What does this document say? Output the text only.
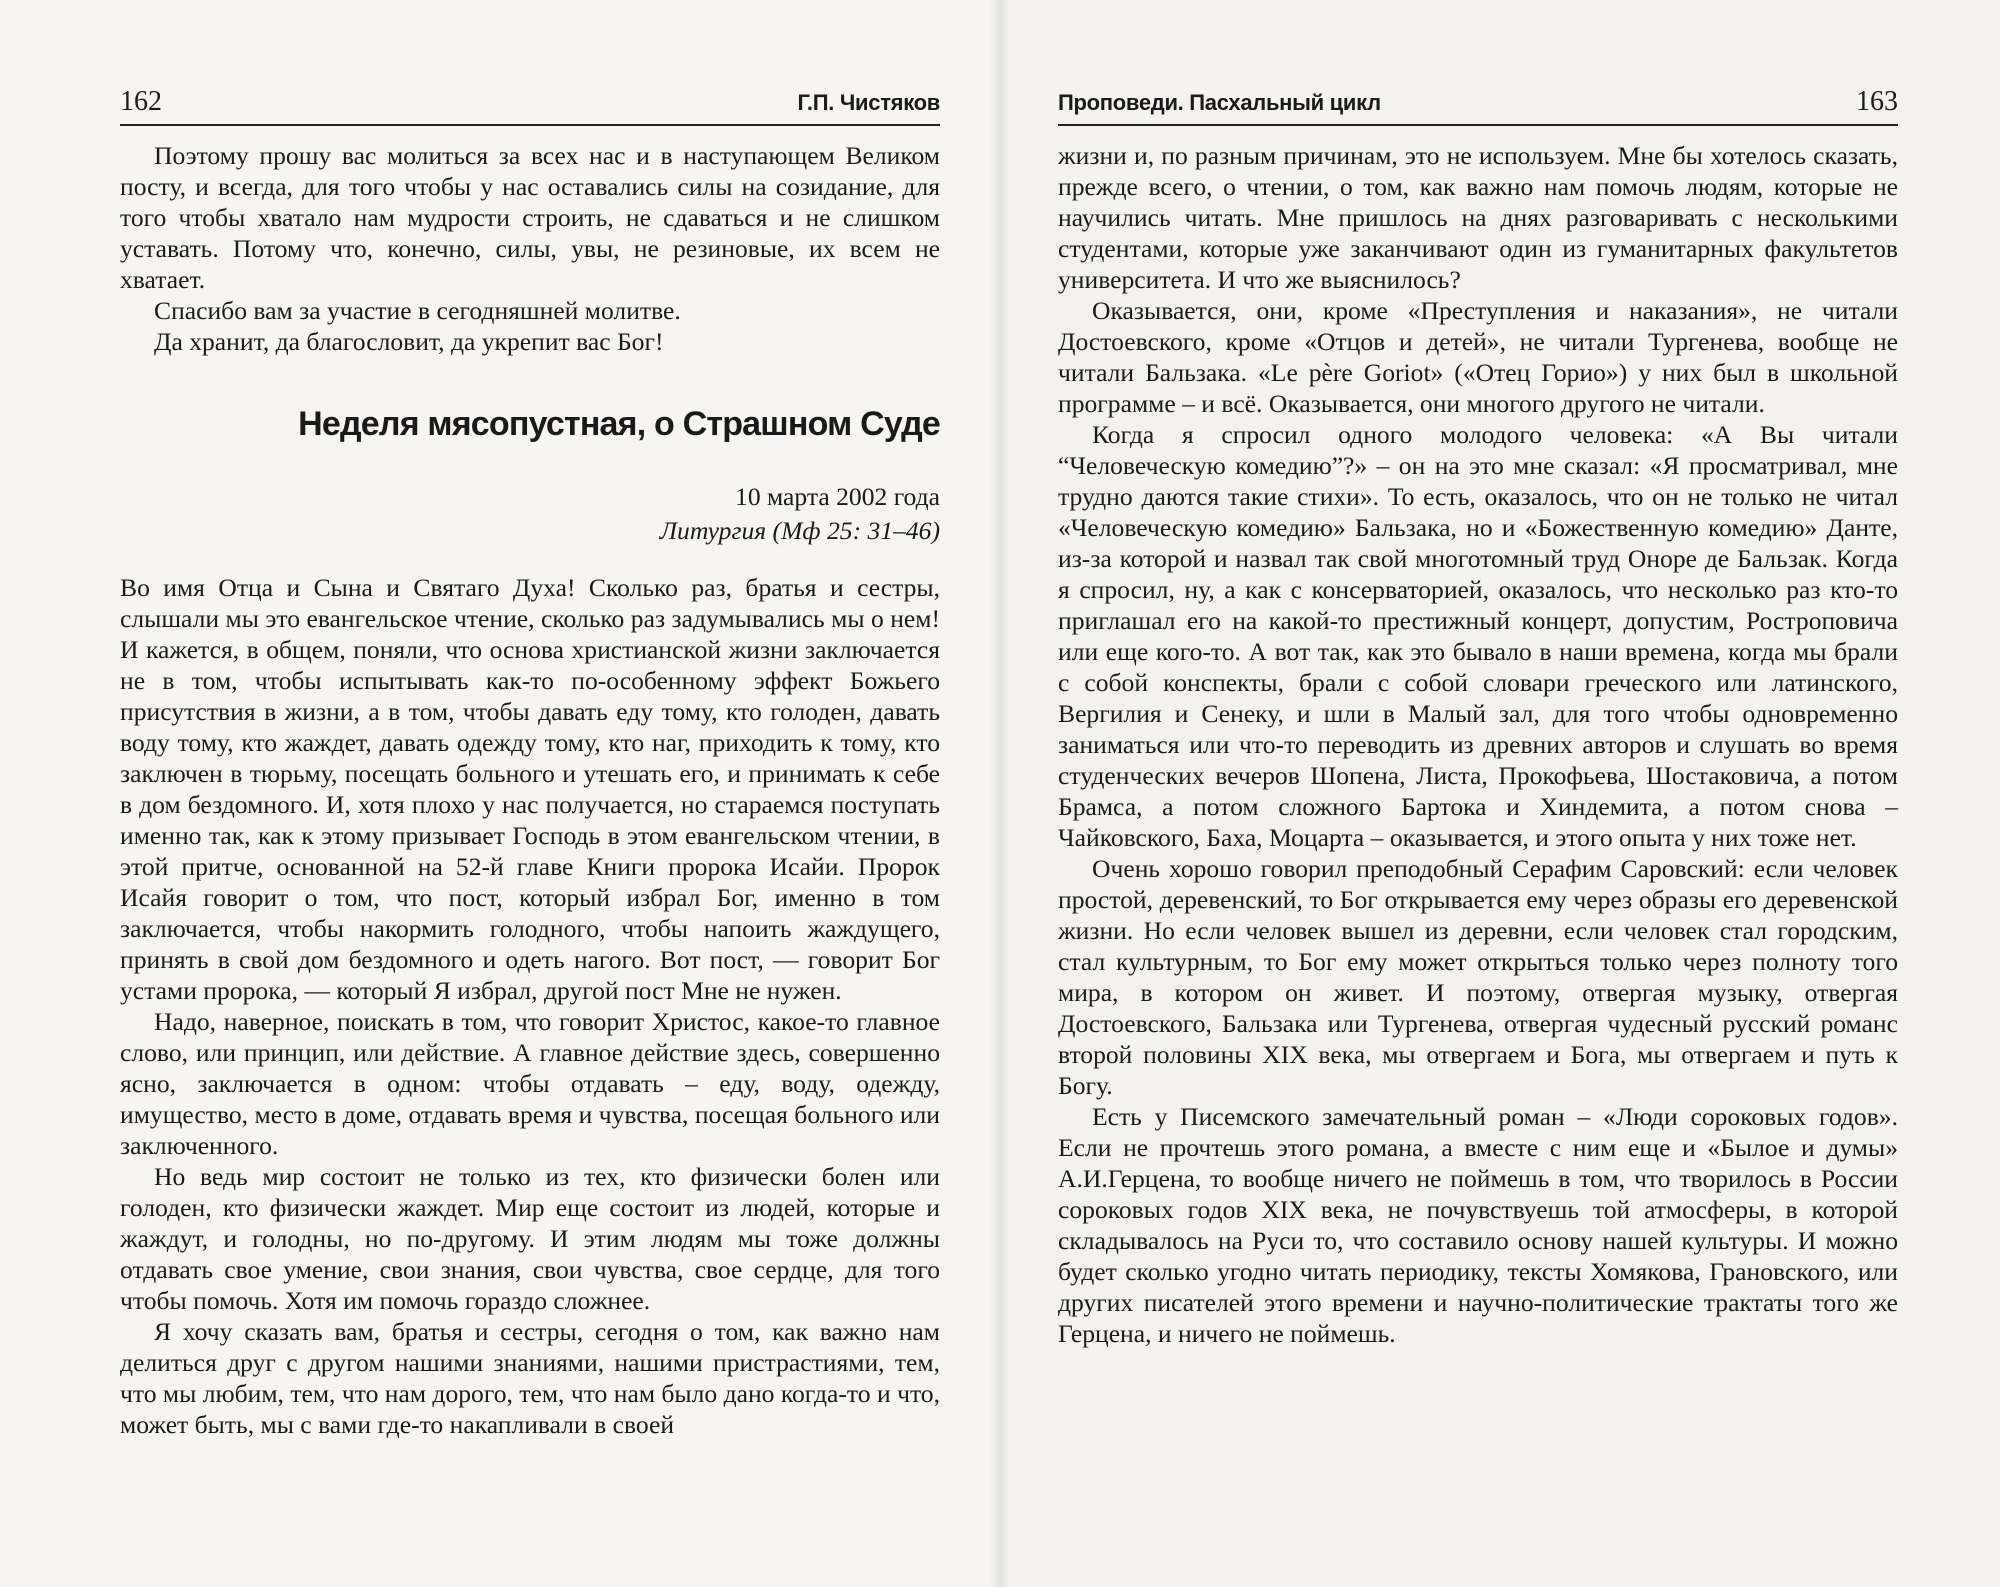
162	Г.П. Чистяков

Поэтому прошу вас молиться за всех нас и в наступающем Великом посту, и всегда, для того чтобы у нас оставались силы на созидание, для того чтобы хватало нам мудрости строить, не сдаваться и не слишком уставать. Потому что, конечно, силы, увы, не резиновые, их всем не хватает.

Спасибо вам за участие в сегодняшней молитве.

Да хранит, да благословит, да укрепит вас Бог!

Неделя мясопустная, о Страшном Суде
10 марта 2002 года
Литургия (Мф 25: 31–46)

Во имя Отца и Сына и Святаго Духа! Сколько раз, братья и сестры, слышали мы это евангельское чтение, сколько раз задумывались мы о нем! И кажется, в общем, поняли, что основа христианской жизни заключается не в том, чтобы испытывать как-то по-особенному эффект Божьего присутствия в жизни, а в том, чтобы давать еду тому, кто голоден, давать воду тому, кто жаждет, давать одежду тому, кто наг, приходить к тому, кто заключен в тюрьму, посещать больного и утешать его, и принимать к себе в дом бездомного. И, хотя плохо у нас получается, но стараемся поступать именно так, как к этому призывает Господь в этом евангельском чтении, в этой притче, основанной на 52-й главе Книги пророка Исайи. Пророк Исайя говорит о том, что пост, который избрал Бог, именно в том заключается, чтобы накормить голодного, чтобы напоить жаждущего, принять в свой дом бездомного и одеть нагого. Вот пост, — говорит Бог устами пророка, — который Я избрал, другой пост Мне не нужен.

Надо, наверное, поискать в том, что говорит Христос, какое-то главное слово, или принцип, или действие. А главное действие здесь, совершенно ясно, заключается в одном: чтобы отдавать – еду, воду, одежду, имущество, место в доме, отдавать время и чувства, посещая больного или заключенного.

Но ведь мир состоит не только из тех, кто физически болен или голоден, кто физически жаждет. Мир еще состоит из людей, которые и жаждут, и голодны, но по-другому. И этим людям мы тоже должны отдавать свое умение, свои знания, свои чувства, свое сердце, для того чтобы помочь. Хотя им помочь гораздо сложнее.

Я хочу сказать вам, братья и сестры, сегодня о том, как важно нам делиться друг с другом нашими знаниями, нашими пристрастиями, тем, что мы любим, тем, что нам дорого, тем, что нам было дано когда-то и что, может быть, мы с вами где-то накапливали в своей

Проповеди. Пасхальный цикл	163

жизни и, по разным причинам, это не используем. Мне бы хотелось сказать, прежде всего, о чтении, о том, как важно нам помочь людям, которые не научились читать. Мне пришлось на днях разговаривать с несколькими студентами, которые уже заканчивают один из гуманитарных факультетов университета. И что же выяснилось?

Оказывается, они, кроме «Преступления и наказания», не читали Достоевского, кроме «Отцов и детей», не читали Тургенева, вообще не читали Бальзака. «Le père Goriot» («Отец Горио») у них был в школьной программе – и всё. Оказывается, они многого другого не читали.

Когда я спросил одного молодого человека: «А Вы читали “Человеческую комедию”?» – он на это мне сказал: «Я просматривал, мне трудно даются такие стихи». То есть, оказалось, что он не только не читал «Человеческую комедию» Бальзака, но и «Божественную комедию» Данте, из-за которой и назвал так свой многотомный труд Оноре де Бальзак. Когда я спросил, ну, а как с консерваторией, оказалось, что несколько раз кто-то приглашал его на какой-то престижный концерт, допустим, Ростроповича или еще кого-то. А вот так, как это бывало в наши времена, когда мы брали с собой конспекты, брали с собой словари греческого или латинского, Вергилия и Сенеку, и шли в Малый зал, для того чтобы одновременно заниматься или что-то переводить из древних авторов и слушать во время студенческих вечеров Шопена, Листа, Прокофьева, Шостаковича, а потом Брамса, а потом сложного Бартока и Хиндемита, а потом снова – Чайковского, Баха, Моцарта – оказывается, и этого опыта у них тоже нет.

Очень хорошо говорил преподобный Серафим Саровский: если человек простой, деревенский, то Бог открывается ему через образы его деревенской жизни. Но если человек вышел из деревни, если человек стал городским, стал культурным, то Бог ему может открыться только через полноту того мира, в котором он живет. И поэтому, отвергая музыку, отвергая Достоевского, Бальзака или Тургенева, отвергая чудесный русский романс второй половины XIX века, мы отвергаем и Бога, мы отвергаем и путь к Богу.

Есть у Писемского замечательный роман – «Люди сороковых годов». Если не прочтешь этого романа, а вместе с ним еще и «Былое и думы» А.И.Герцена, то вообще ничего не поймешь в том, что творилось в России сороковых годов XIX века, не почувствуешь той атмосферы, в которой складывалось на Руси то, что составило основу нашей культуры. И можно будет сколько угодно читать периодику, тексты Хомякова, Грановского, или других писателей этого времени и научно-политические трактаты того же Герцена, и ничего не поймешь.
